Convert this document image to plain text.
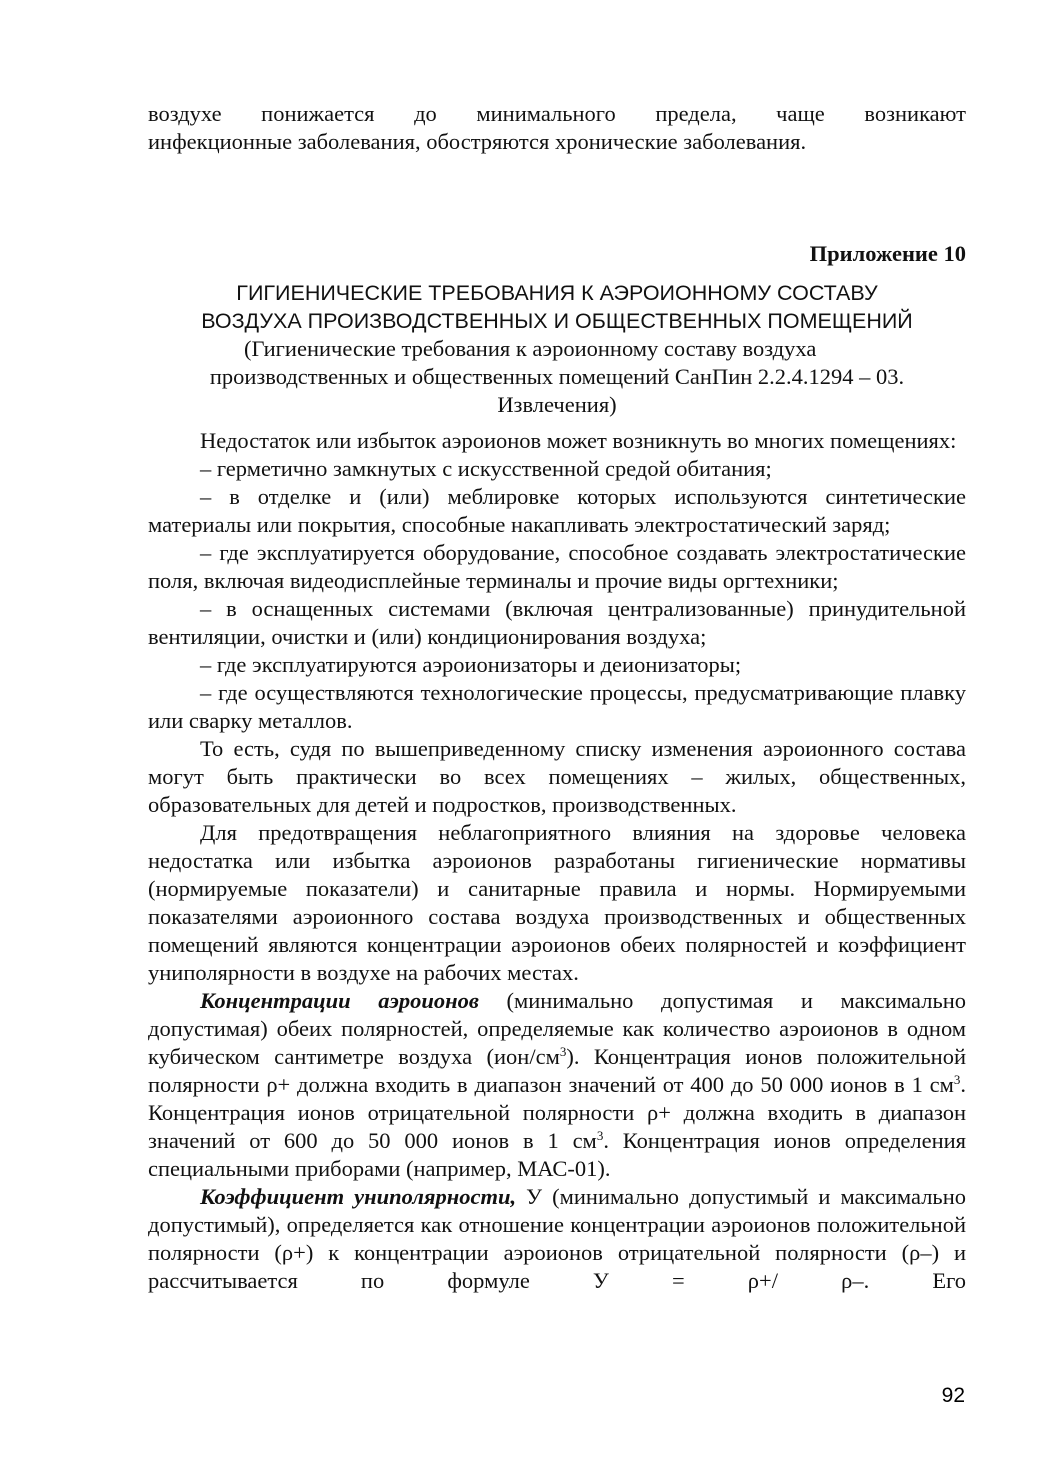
воздухе понижается до минимального предела, чаще возникают

инфекционные заболевания, обостряются хронические заболевания.

Приложение 10

ГИГИЕНИЧЕСКИЕ ТРЕБОВАНИЯ К АЭРОИОННОМУ СОСТАВУ
ВОЗДУХА ПРОИЗВОДСТВЕННЫХ И ОБЩЕСТВЕННЫХ ПОМЕЩЕНИЙ
(Гигиенические требования к аэроионному составу воздуха
производственных и общественных помещений СанПин 2.2.4.1294 – 03.
Извлечения)

Недостаток или избыток аэроионов может возникнуть во многих помещениях:

– герметично замкнутых с искусственной средой обитания;

– в отделке и (или) меблировке которых используются синтетические материалы или покрытия, способные накапливать электростатический заряд;

– где эксплуатируется оборудование, способное создавать электростатические поля, включая видеодисплейные терминалы и прочие виды оргтехники;

– в оснащенных системами (включая централизованные) принудительной вентиляции, очистки и (или) кондиционирования воздуха;

– где эксплуатируются аэроионизаторы и деионизаторы;

– где осуществляются технологические процессы, предусматривающие плавку или сварку металлов.

То есть, судя по вышеприведенному списку изменения аэроионного состава могут быть практически во всех помещениях – жилых, общественных, образовательных для детей и подростков, производственных.

Для предотвращения неблагоприятного влияния на здоровье человека недостатка или избытка аэроионов разработаны гигиенические нормативы (нормируемые показатели) и санитарные правила и нормы. Нормируемыми показателями аэроионного состава воздуха производственных и общественных помещений являются концентрации аэроионов обеих полярностей и коэффициент униполярности в воздухе на рабочих местах.

Концентрации аэроионов (минимально допустимая и максимально допустимая) обеих полярностей, определяемые как количество аэроионов в одном кубическом сантиметре воздуха $(ион/см^3)$. Концентрация ионов положительной полярности ρ+ должна входить в диапазон значений от 400 до 50 000 ионов в 1 $см^3$. Концентрация ионов отрицательной полярности ρ+ должна входить в диапазон значений от 600 до 50 000 ионов в 1 $см^3$. Концентрация ионов определения специальными приборами (например, МАС-01).

Коэффициент униполярности, У (минимально допустимый и максимально допустимый), определяется как отношение концентрации аэроионов положительной полярности (ρ+) к концентрации аэроионов отрицательной полярности (ρ–) и рассчитывается по формуле У = ρ+/ ρ–. Его

92
